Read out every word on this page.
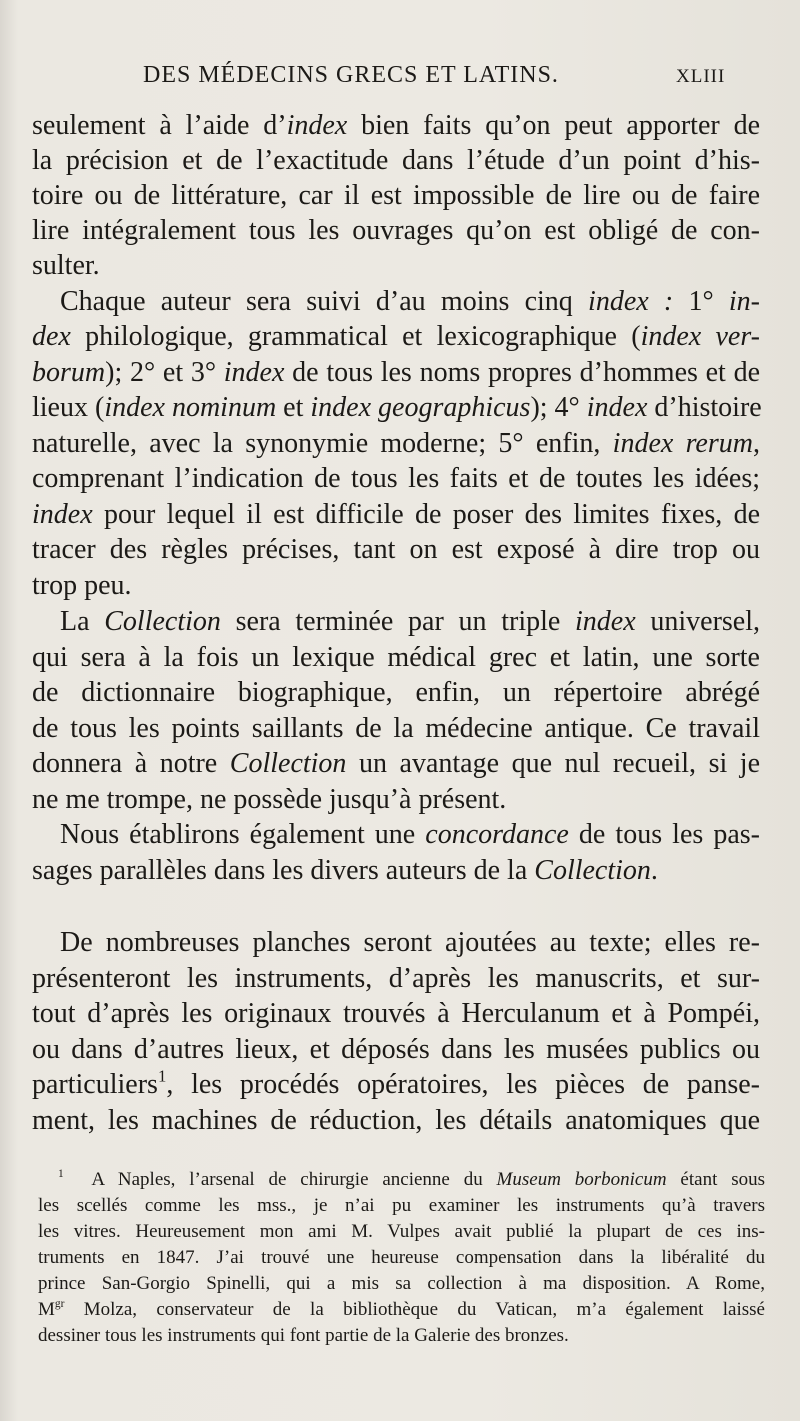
DES MÉDECINS GRECS ET LATINS.	XLIII
seulement à l’aide d’index bien faits qu’on peut apporter de
la précision et de l’exactitude dans l’étude d’un point d’his-
toire ou de littérature, car il est impossible de lire ou de faire
lire intégralement tous les ouvrages qu’on est obligé de con-
sulter.
Chaque auteur sera suivi d’au moins cinq index : 1° in-
dex philologique, grammatical et lexicographique (index ver-
borum); 2° et 3° index de tous les noms propres d’hommes et de
lieux (index nominum et index geographicus); 4° index d’histoire
naturelle, avec la synonymie moderne; 5° enfin, index rerum,
comprenant l’indication de tous les faits et de toutes les idées;
index pour lequel il est difficile de poser des limites fixes, de
tracer des règles précises, tant on est exposé à dire trop ou
trop peu.
La Collection sera terminée par un triple index universel,
qui sera à la fois un lexique médical grec et latin, une sorte
de dictionnaire biographique, enfin, un répertoire abrégé
de tous les points saillants de la médecine antique. Ce travail
donnera à notre Collection un avantage que nul recueil, si je
ne me trompe, ne possède jusqu’à présent.
Nous établirons également une concordance de tous les pas-
sages parallèles dans les divers auteurs de la Collection.
De nombreuses planches seront ajoutées au texte; elles re-
présenteront les instruments, d’après les manuscrits, et sur-
tout d’après les originaux trouvés à Herculanum et à Pompéi,
ou dans d’autres lieux, et déposés dans les musées publics ou
particuliers$^1$, les procédés opératoires, les pièces de panse-
ment, les machines de réduction, les détails anatomiques que
$^1$ A Naples, l’arsenal de chirurgie ancienne du Museum borbonicum étant sous
les scellés comme les mss., je n’ai pu examiner les instruments qu’à travers
les vitres. Heureusement mon ami M. Vulpes avait publié la plupart de ces ins-
truments en 1847. J’ai trouvé une heureuse compensation dans la libéralité du
prince San-Gorgio Spinelli, qui a mis sa collection à ma disposition. A Rome,
$M^{gr}$ Molza, conservateur de la bibliothèque du Vatican, m’a également laissé
dessiner tous les instruments qui font partie de la Galerie des bronzes.
